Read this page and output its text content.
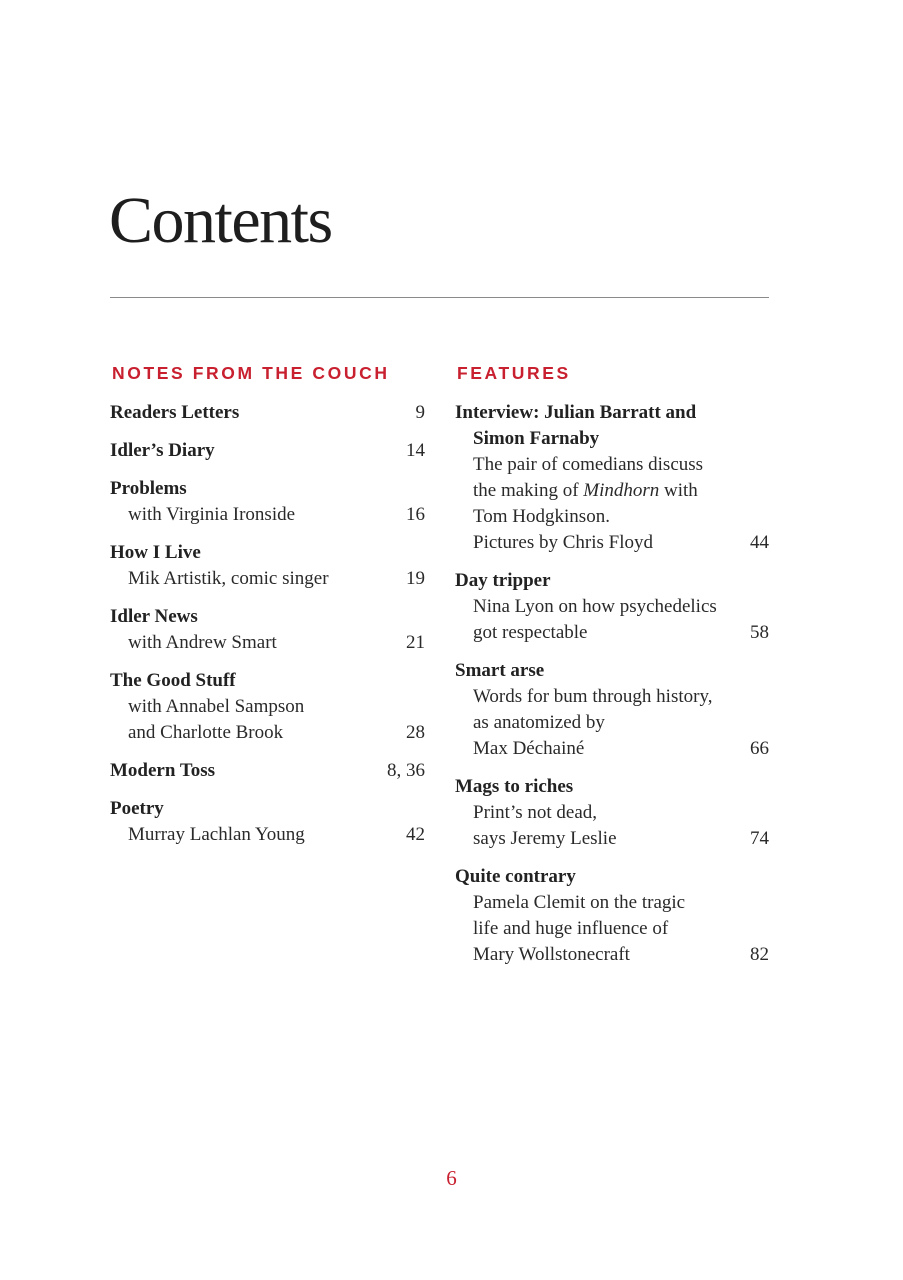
Contents
NOTES FROM THE COUCH
Readers Letters	9
Idler’s Diary	14
Problems
with Virginia Ironside	16
How I Live
Mik Artistik, comic singer	19
Idler News
with Andrew Smart	21
The Good Stuff
with Annabel Sampson
and Charlotte Brook	28
Modern Toss	8, 36
Poetry
Murray Lachlan Young	42
FEATURES
Interview: Julian Barratt and
Simon Farnaby
The pair of comedians discuss
the making of Mindhorn with
Tom Hodgkinson.
Pictures by Chris Floyd	44
Day tripper
Nina Lyon on how psychedelics
got respectable	58
Smart arse
Words for bum through history,
as anatomized by
Max Déchainé	66
Mags to riches
Print’s not dead,
says Jeremy Leslie	74
Quite contrary
Pamela Clemit on the tragic
life and huge influence of
Mary Wollstonecraft	82
6
